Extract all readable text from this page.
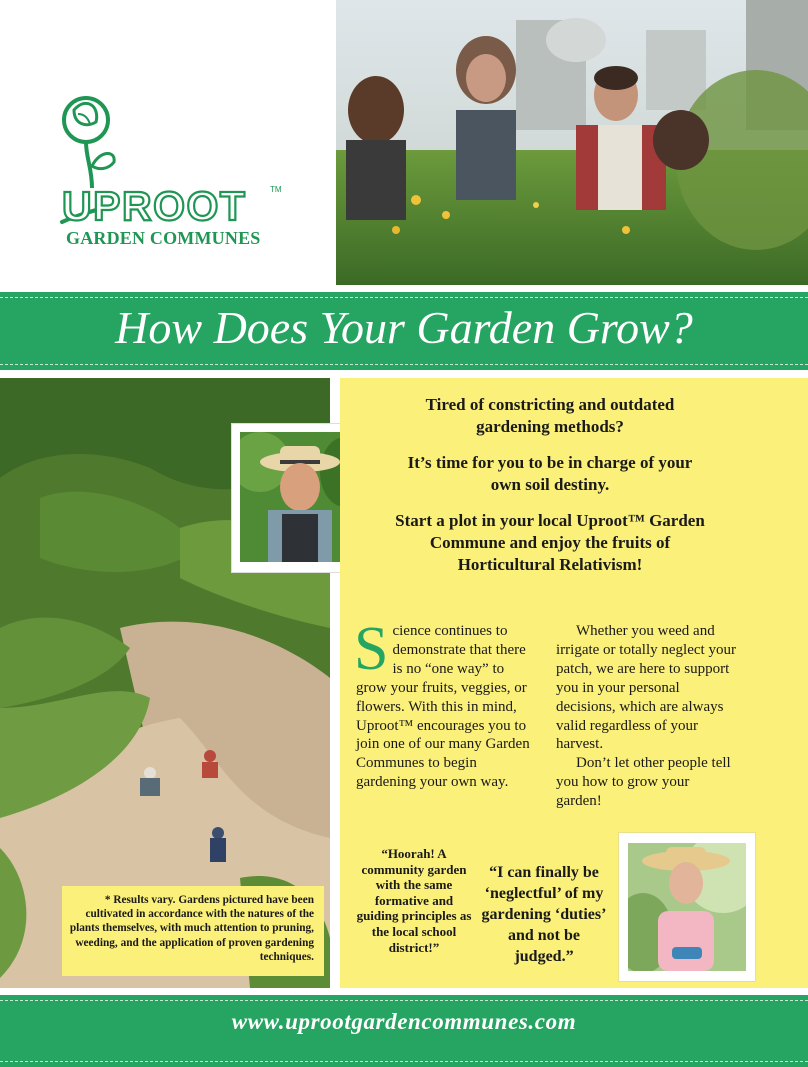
UPROOT	TM
GARDEN COMMUNES
How Does Your Garden Grow?
Tired of constricting and outdated gardening methods?
It’s time for you to be in charge of your own soil destiny.
Start a plot in your local Uproot™ Garden Commune and enjoy the fruits of Horticultural Relativism!
Science continues to demonstrate that there is no “one way” to grow your fruits, veggies, or flowers. With this in mind, Uproot™ encourages you to join one of our many Garden Communes to begin gardening your own way.

Whether you weed and irrigate or totally neglect your patch, we are here to support you in your personal decisions, which are always valid regardless of your harvest.

Don’t let other people tell you how to grow your garden!

“Hoorah! A community garden with the same formative and guiding principles as the local school district!”
“I can finally be ‘neglectful’ of my gardening ‘duties’ and not be judged.”
* Results vary. Gardens pictured have been cultivated in accordance with the natures of the plants themselves, with much attention to pruning, weeding, and the application of proven gardening techniques.
www.uprootgardencommunes.com
